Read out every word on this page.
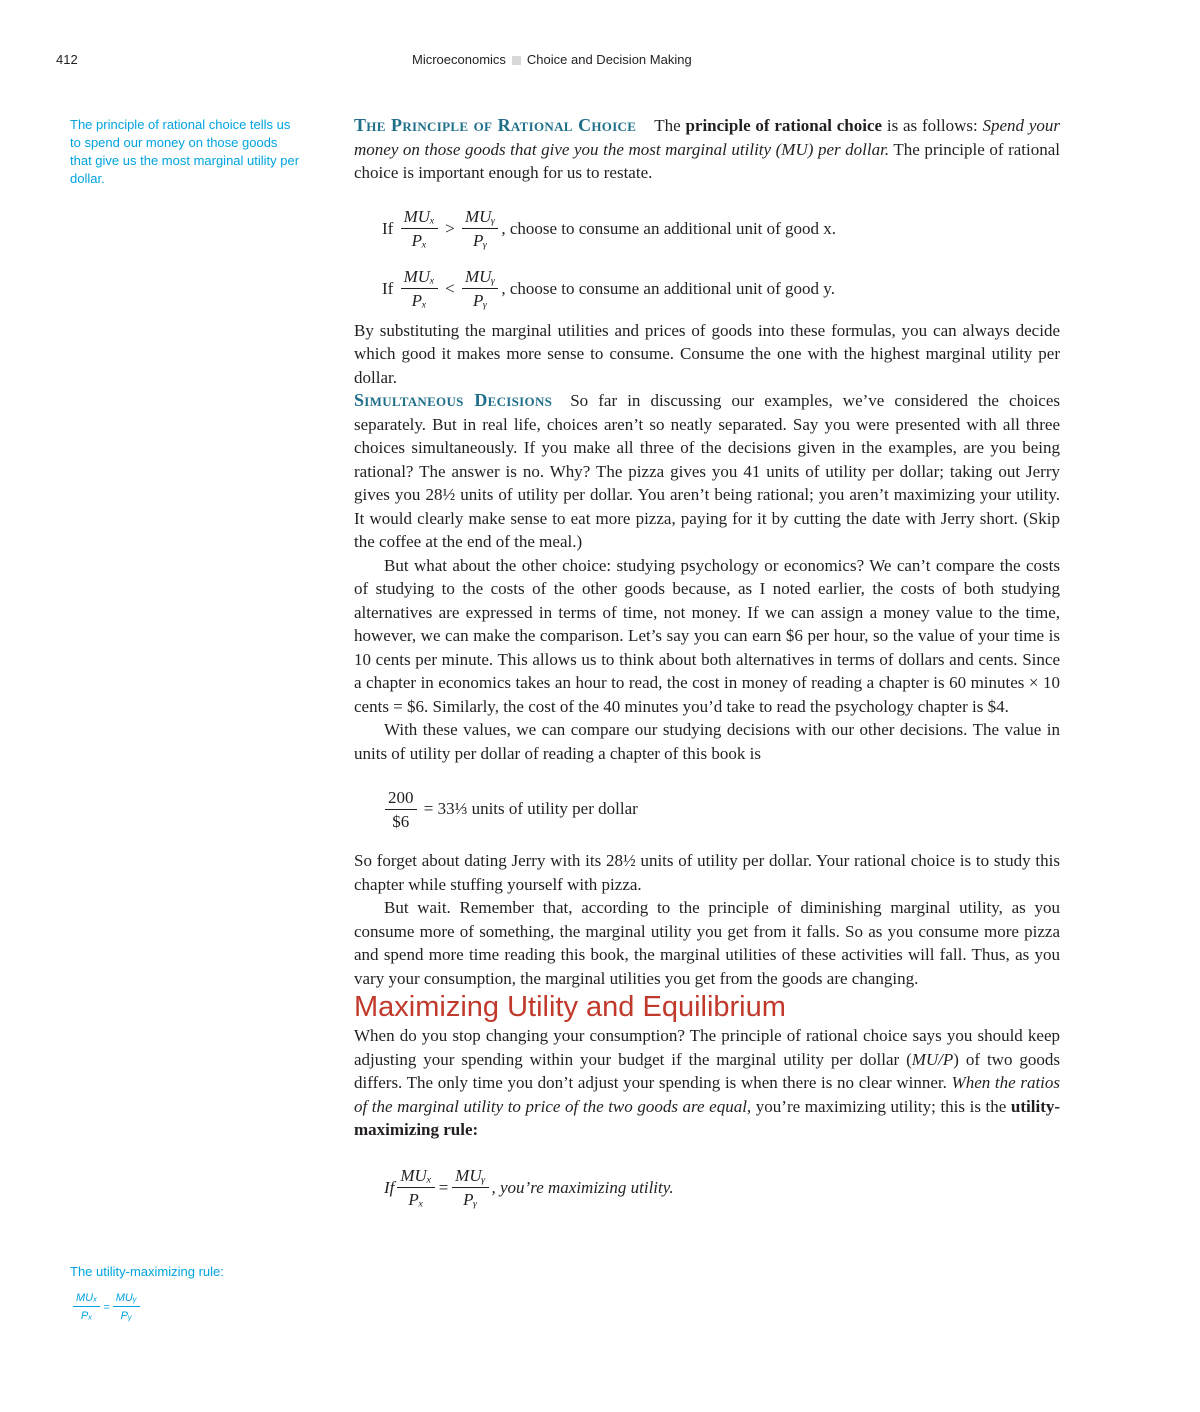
412	Microeconomics Choice and Decision Making
The principle of rational choice tells us to spend our money on those goods that give us the most marginal utility per dollar.
The utility-maximizing rule:
$\frac{\text{MUₓ}}{\text{Pₓ}} = \frac{\text{MUᵧ}}{\text{Pᵧ}}$

The Principle of Rational Choice The principle of rational choice is as follows: Spend your money on those goods that give you the most marginal utility (MU) per dollar. The principle of rational choice is important enough for us to restate.

If $\frac{\text{MUₓ}}{\text{Pₓ}} > \frac{\text{MUᵧ}}{\text{Pᵧ}}$ , choose to consume an additional unit of good x.
If $\frac{\text{MUₓ}}{\text{Pₓ}} < \frac{\text{MUᵧ}}{\text{Pᵧ}}$ , choose to consume an additional unit of good y.

By substituting the marginal utilities and prices of goods into these formulas, you can always decide which good it makes more sense to consume. Consume the one with the highest marginal utility per dollar.

Simultaneous Decisions So far in discussing our examples, we’ve considered the choices separately. But in real life, choices aren’t so neatly separated. Say you were presented with all three choices simultaneously. If you make all three of the decisions given in the examples, are you being rational? The answer is no. Why? The pizza gives you 41 units of utility per dollar; taking out Jerry gives you 28½ units of utility per dollar. You aren’t being rational; you aren’t maximizing your utility. It would clearly make sense to eat more pizza, paying for it by cutting the date with Jerry short. (Skip the coffee at the end of the meal.)

But what about the other choice: studying psychology or economics? We can’t compare the costs of studying to the costs of the other goods because, as I noted earlier, the costs of both studying alternatives are expressed in terms of time, not money. If we can assign a money value to the time, however, we can make the comparison. Let’s say you can earn $6 per hour, so the value of your time is 10 cents per minute. This allows us to think about both alternatives in terms of dollars and cents. Since a chapter in economics takes an hour to read, the cost in money of reading a chapter is 60 minutes × 10 cents = $6. Similarly, the cost of the 40 minutes you’d take to read the psychology chapter is $4.

With these values, we can compare our studying decisions with our other decisions. The value in units of utility per dollar of reading a chapter of this book is

$\frac{200}{\$6}$ = 33⅓ units of utility per dollar

So forget about dating Jerry with its 28½ units of utility per dollar. Your rational choice is to study this chapter while stuffing yourself with pizza.

But wait. Remember that, according to the principle of diminishing marginal utility, as you consume more of something, the marginal utility you get from it falls. So as you consume more pizza and spend more time reading this book, the marginal utilities of these activities will fall. Thus, as you vary your consumption, the marginal utilities you get from the goods are changing.

Maximizing Utility and Equilibrium

When do you stop changing your consumption? The principle of rational choice says you should keep adjusting your spending within your budget if the marginal utility per dollar (MU/P) of two goods differs. The only time you don’t adjust your spending is when there is no clear winner. When the ratios of the marginal utility to price of the two goods are equal, you’re maximizing utility; this is the utility-maximizing rule:

If $\frac{\text{MUₓ}}{\text{Pₓ}} = \frac{\text{MUᵧ}}{\text{Pᵧ}}$ , you’re maximizing utility.
